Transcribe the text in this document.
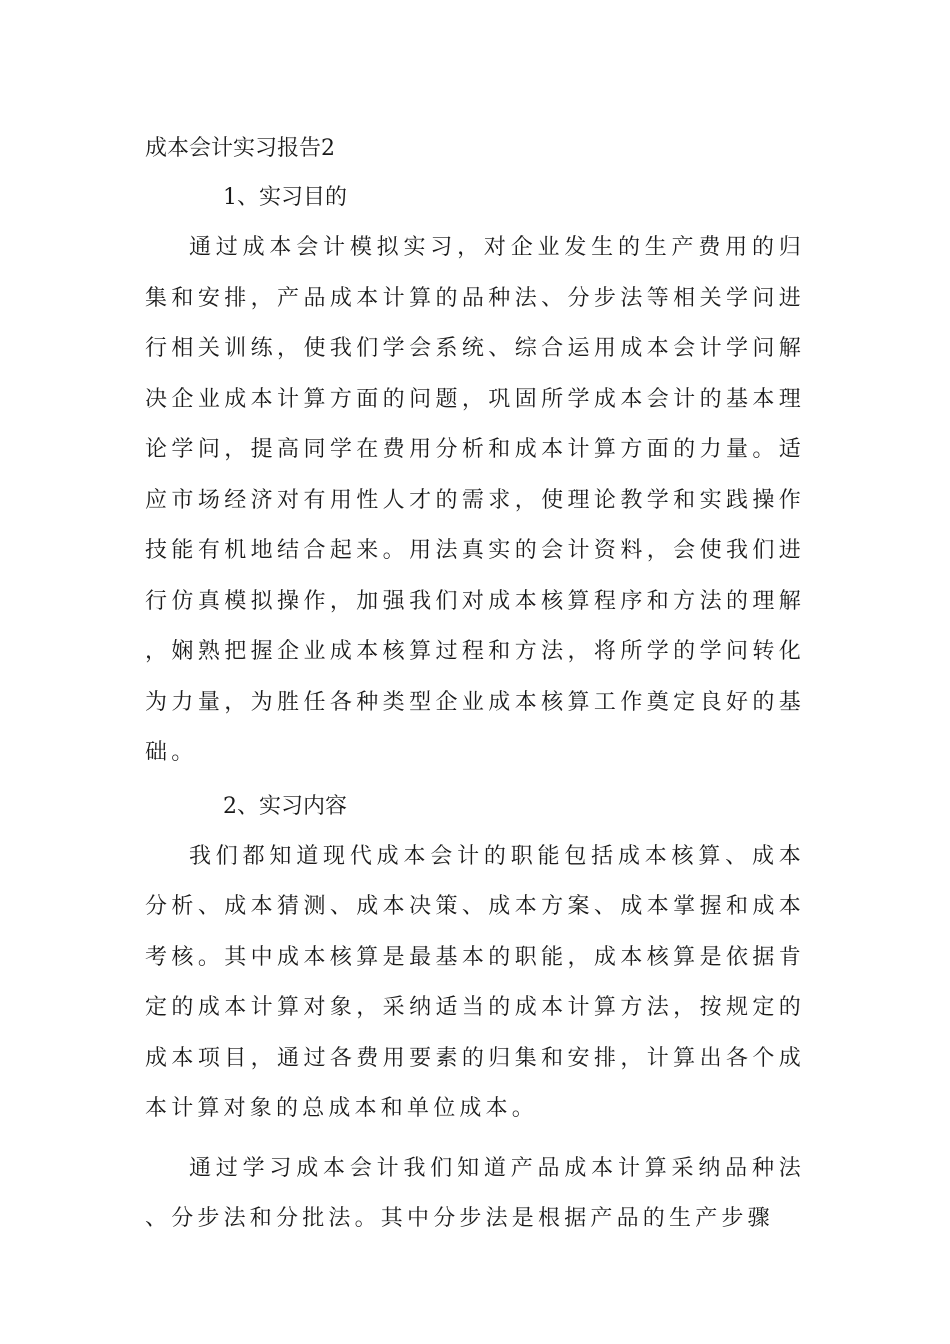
成本会计实习报告2
1、实习目的

通过成本会计模拟实习，对企业发生的生产费用的归集和安排，产品成本计算的品种法、分步法等相关学问进行相关训练，使我们学会系统、综合运用成本会计学问解决企业成本计算方面的问题，巩固所学成本会计的基本理论学问，提高同学在费用分析和成本计算方面的力量。适应市场经济对有用性人才的需求，使理论教学和实践操作技能有机地结合起来。用法真实的会计资料，会使我们进行仿真模拟操作，加强我们对成本核算程序和方法的理解，娴熟把握企业成本核算过程和方法，将所学的学问转化为力量，为胜任各种类型企业成本核算工作奠定良好的基础。

2、实习内容

我们都知道现代成本会计的职能包括成本核算、成本分析、成本猜测、成本决策、成本方案、成本掌握和成本考核。其中成本核算是最基本的职能，成本核算是依据肯定的成本计算对象，采纳适当的成本计算方法，按规定的成本项目，通过各费用要素的归集和安排，计算出各个成本计算对象的总成本和单位成本。

通过学习成本会计我们知道产品成本计算采纳品种法、分步法和分批法。其中分步法是根据产品的生产步骤
